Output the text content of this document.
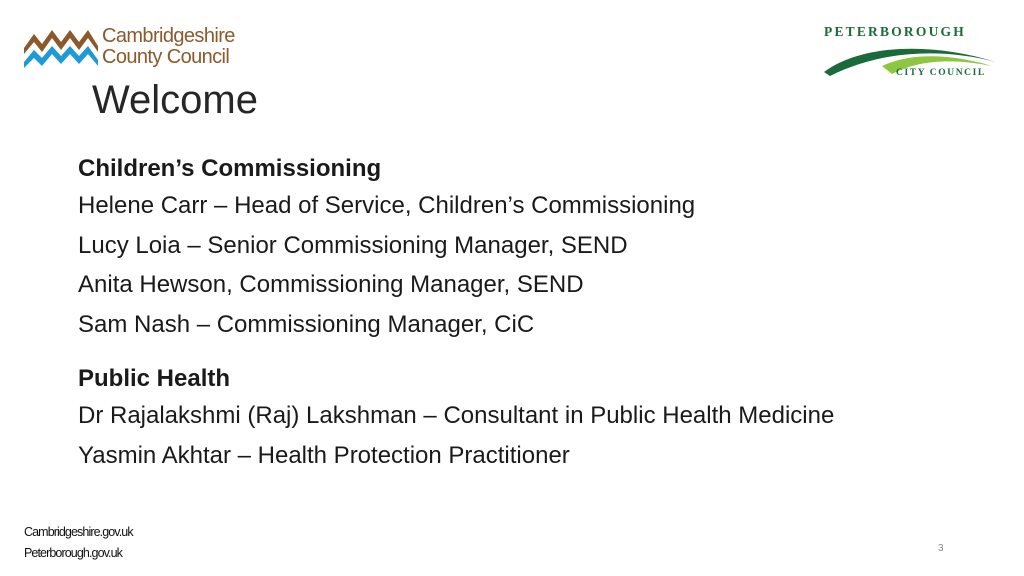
Cambridgeshire
County Council
PETERBOROUGH
CITY COUNCIL
Welcome

Children’s Commissioning

Helene Carr – Head of Service, Children’s Commissioning

Lucy Loia – Senior Commissioning Manager, SEND

Anita Hewson, Commissioning Manager, SEND

Sam Nash – Commissioning Manager, CiC

Public Health

Dr Rajalakshmi (Raj) Lakshman – Consultant in Public Health Medicine

Yasmin Akhtar – Health Protection Practitioner

Cambridgeshire.gov.uk
Peterborough.gov.uk	3
